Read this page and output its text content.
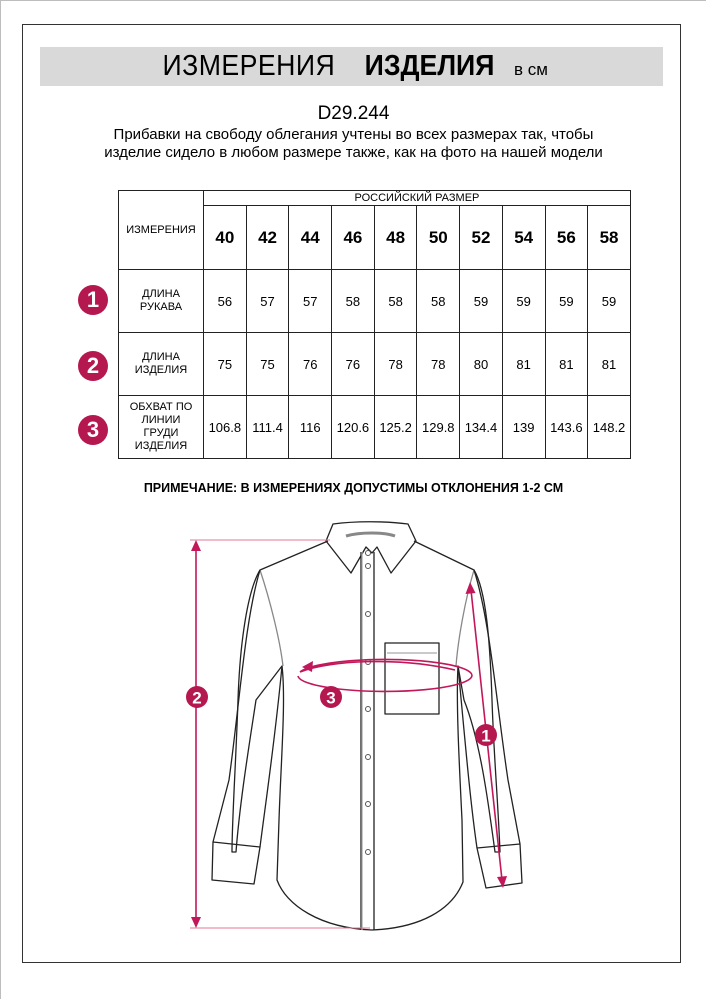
ИЗМЕРЕНИЯ ИЗДЕЛИЯ в см
D29.244
Прибавки на свободу облегания учтены во всех размерах так, чтобы изделие сидело в любом размере также, как на фото на нашей модели
ИЗМЕРЕНИЯ	РОССИЙСКИЙ РАЗМЕР									
	40	42	44	46	48	50	52	54	56	58

ДЛИНА
РУКАВА	56	57	57	58	58	58	59	59	59	59

ДЛИНА
ИЗДЕЛИЯ	75	75	76	76	78	78	80	81	81	81

ОБХВАТ ПО
ЛИНИИ
ГРУДИ
ИЗДЕЛИЯ	106.8	111.4	116	120.6	125.2	129.8	134.4	139	143.6	148.2
1
2
3
ПРИМЕЧАНИЕ: В ИЗМЕРЕНИЯХ ДОПУСТИМЫ ОТКЛОНЕНИЯ 1-2 СМ
2	3
1
